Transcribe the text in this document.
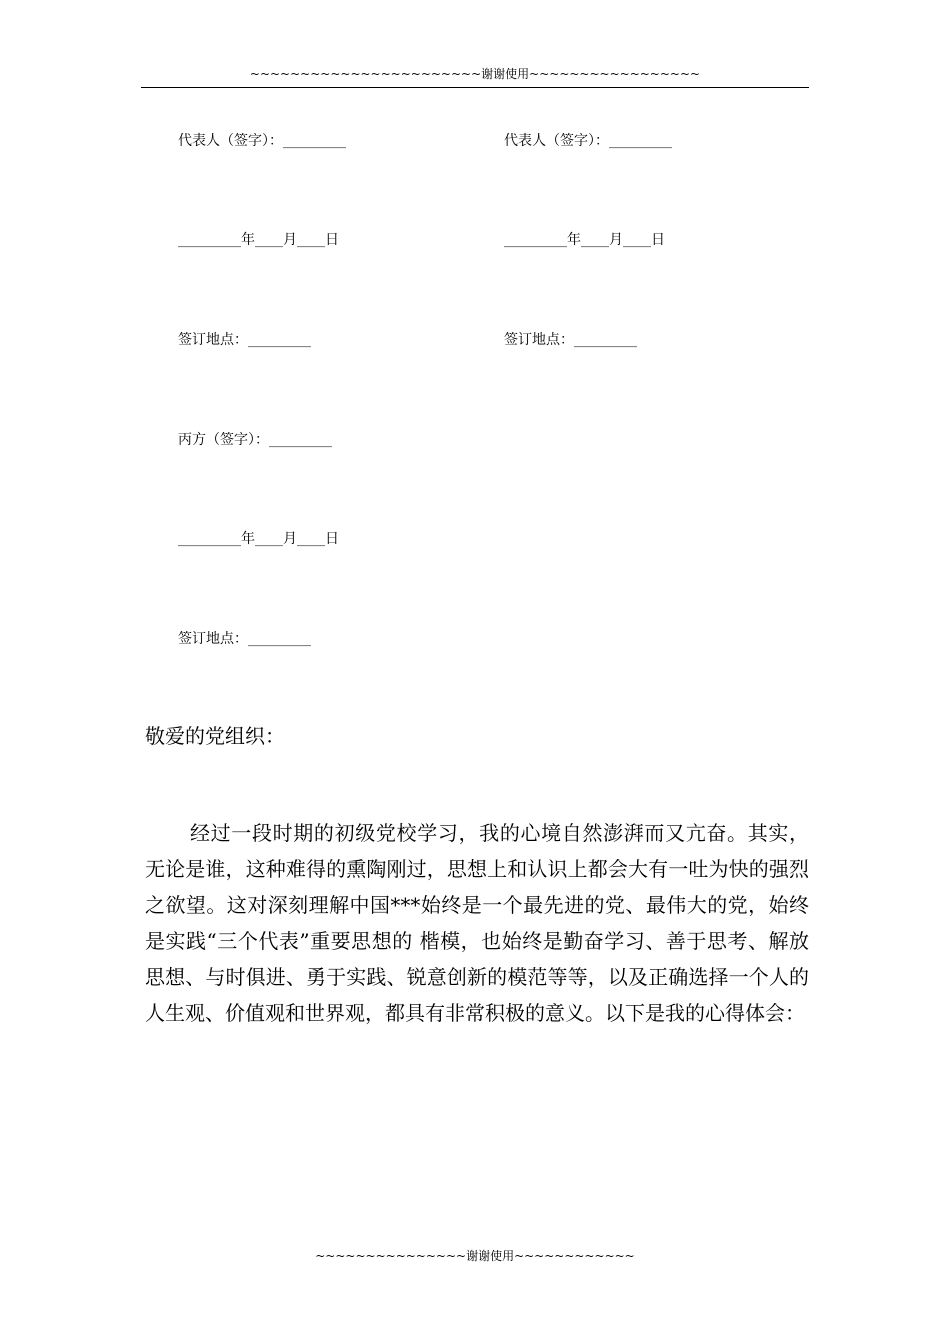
~~~~~~~~~~~~~~~~~~~~~~~谢谢使用~~~~~~~~~~~~~~~~~
代表人（签字）：_________	代表人（签字）：_________
_________年____月____日	_________年____月____日
签订地点：_________	签订地点：_________
丙方（签字）：_________
_________年____月____日
签订地点：_________
敬爱的党组织：

经过一段时期的初级党校学习，我的心境自然澎湃而又亢奋。其实，无论是谁，这种难得的熏陶刚过，思想上和认识上都会大有一吐为快的强烈之欲望。这对深刻理解中国***始终是一个最先进的党、最伟大的党，始终是实践“三个代表”重要思想的 楷模，也始终是勤奋学习、善于思考、解放思想、与时俱进、勇于实践、锐意创新的模范等等，以及正确选择一个人的人生观、价值观和世界观，都具有非常积极的意义。以下是我的心得体会：

~~~~~~~~~~~~~~~谢谢使用~~~~~~~~~~~~
